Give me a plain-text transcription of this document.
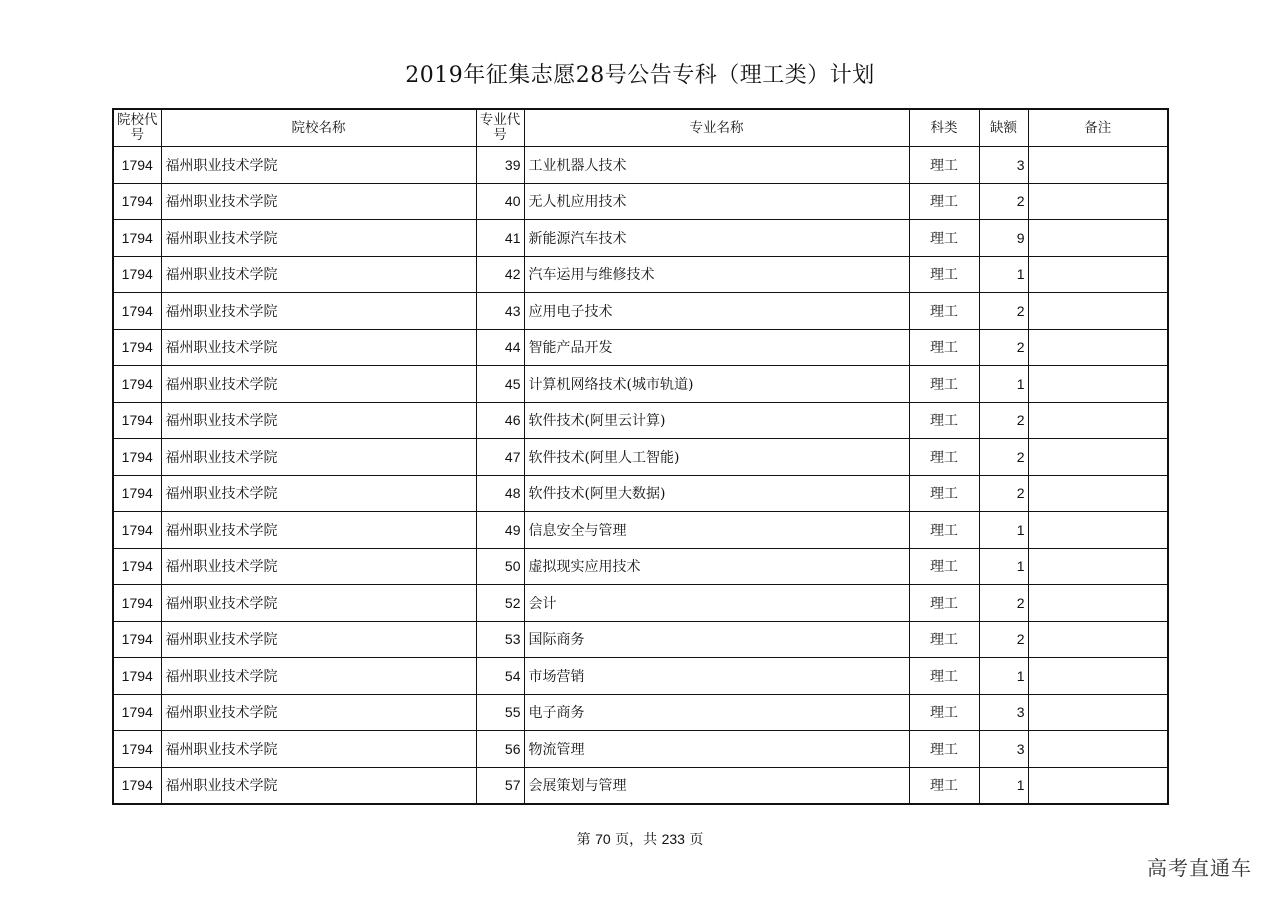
2019年征集志愿28号公告专科（理工类）计划
院校代号	院校名称	专业代号	专业名称	科类	缺额	备注
1794	福州职业技术学院	39	工业机器人技术	理工	3	
1794	福州职业技术学院	40	无人机应用技术	理工	2	
1794	福州职业技术学院	41	新能源汽车技术	理工	9	
1794	福州职业技术学院	42	汽车运用与维修技术	理工	1	
1794	福州职业技术学院	43	应用电子技术	理工	2	
1794	福州职业技术学院	44	智能产品开发	理工	2	
1794	福州职业技术学院	45	计算机网络技术(城市轨道)	理工	1	
1794	福州职业技术学院	46	软件技术(阿里云计算)	理工	2	
1794	福州职业技术学院	47	软件技术(阿里人工智能)	理工	2	
1794	福州职业技术学院	48	软件技术(阿里大数据)	理工	2	
1794	福州职业技术学院	49	信息安全与管理	理工	1	
1794	福州职业技术学院	50	虚拟现实应用技术	理工	1	
1794	福州职业技术学院	52	会计	理工	2	
1794	福州职业技术学院	53	国际商务	理工	2	
1794	福州职业技术学院	54	市场营销	理工	1	
1794	福州职业技术学院	55	电子商务	理工	3	
1794	福州职业技术学院	56	物流管理	理工	3	
1794	福州职业技术学院	57	会展策划与管理	理工	1	
第 70 页，共 233 页
高考直通车
